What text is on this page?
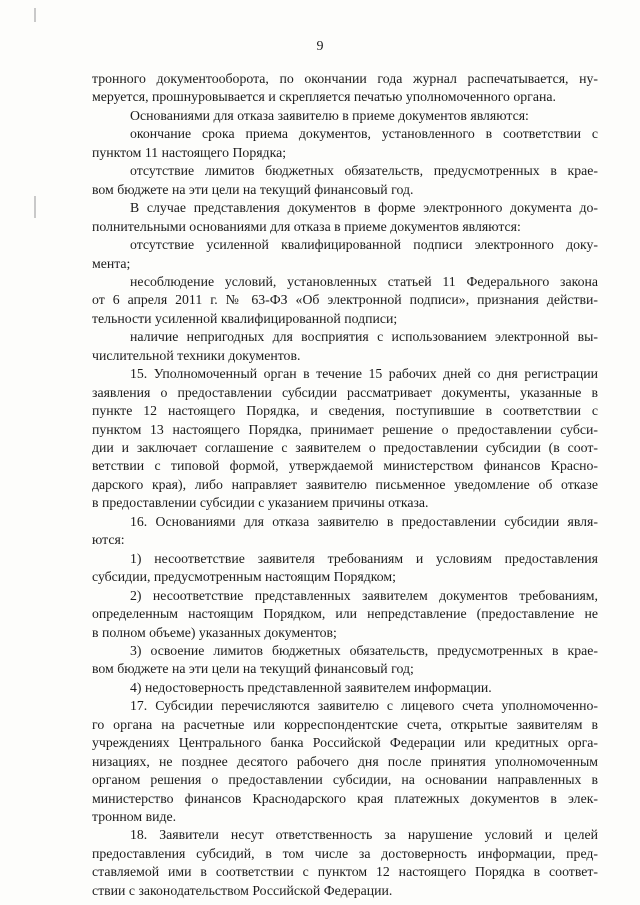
9
тронного документооборота, по окончании года журнал распечатывается, ну-
меруется, прошнуровывается и скрепляется печатью уполномоченного органа.
Основаниями для отказа заявителю в приеме документов являются:
окончание срока приема документов, установленного в соответствии с
пунктом 11 настоящего Порядка;
отсутствие лимитов бюджетных обязательств, предусмотренных в крае-
вом бюджете на эти цели на текущий финансовый год.
В случае представления документов в форме электронного документа до-
полнительными основаниями для отказа в приеме документов являются:
отсутствие усиленной квалифицированной подписи электронного доку-
мента;
несоблюдение условий, установленных статьей 11 Федерального закона
от 6 апреля 2011 г. № 63-ФЗ «Об электронной подписи», признания действи-
тельности усиленной квалифицированной подписи;
наличие непригодных для восприятия с использованием электронной вы-
числительной техники документов.
15. Уполномоченный орган в течение 15 рабочих дней со дня регистрации
заявления о предоставлении субсидии рассматривает документы, указанные в
пункте 12 настоящего Порядка, и сведения, поступившие в соответствии с
пунктом 13 настоящего Порядка, принимает решение о предоставлении субси-
дии и заключает соглашение с заявителем о предоставлении субсидии (в соот-
ветствии с типовой формой, утверждаемой министерством финансов Красно-
дарского края), либо направляет заявителю письменное уведомление об отказе
в предоставлении субсидии с указанием причины отказа.
16. Основаниями для отказа заявителю в предоставлении субсидии явля-
ются:
1) несоответствие заявителя требованиям и условиям предоставления
субсидии, предусмотренным настоящим Порядком;
2) несоответствие представленных заявителем документов требованиям,
определенным настоящим Порядком, или непредставление (предоставление не
в полном объеме) указанных документов;
3) освоение лимитов бюджетных обязательств, предусмотренных в крае-
вом бюджете на эти цели на текущий финансовый год;
4) недостоверность представленной заявителем информации.
17. Субсидии перечисляются заявителю с лицевого счета уполномоченно-
го органа на расчетные или корреспондентские счета, открытые заявителям в
учреждениях Центрального банка Российской Федерации или кредитных орга-
низациях, не позднее десятого рабочего дня после принятия уполномоченным
органом решения о предоставлении субсидии, на основании направленных в
министерство финансов Краснодарского края платежных документов в элек-
тронном виде.
18. Заявители несут ответственность за нарушение условий и целей
предоставления субсидий, в том числе за достоверность информации, пред-
ставляемой ими в соответствии с пунктом 12 настоящего Порядка в соответ-
ствии с законодательством Российской Федерации.
